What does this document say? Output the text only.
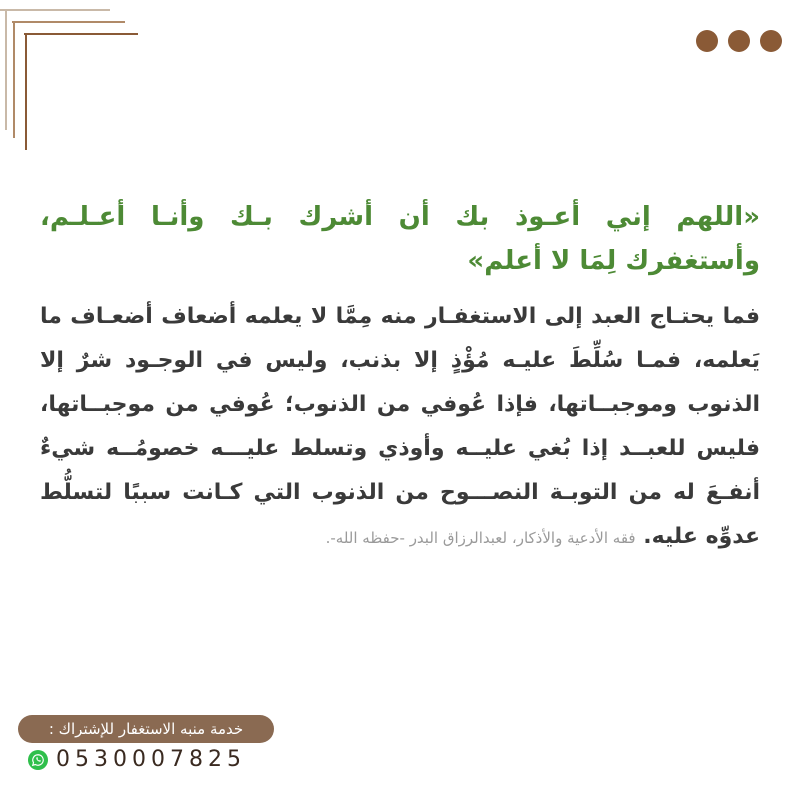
«اللهم إني أعـوذ بك أن أشرك بـك وأنـا أعـلـم، وأستغفرك لِمَا لا أعلم»

فما يحتـاج العبد إلى الاستغفـار منه مِمَّا لا يعلمه أضعاف أضعـاف ما يَعلمه، فمـا سُلِّطَ عليـه مُؤْذٍ إلا بذنب، وليس في الوجـود شرٌ إلا الذنوب وموجبــاتها، فإذا عُوفي من الذنوب؛ عُوفي من موجبــاتها، فليس للعبــد إذا بُغي عليــه وأوذي وتسلط عليـــه خصومُــه شيءٌ أنفـعَ له من التوبـة النصـــوح من الذنوب التي كـانت سببًا لتسلُّط عدوِّه عليه. فقه الأدعية والأذكار، لعبدالرزاق البدر -حفظه الله-.

خدمة منبه الاستغفار للإشتراك :
0530007825
